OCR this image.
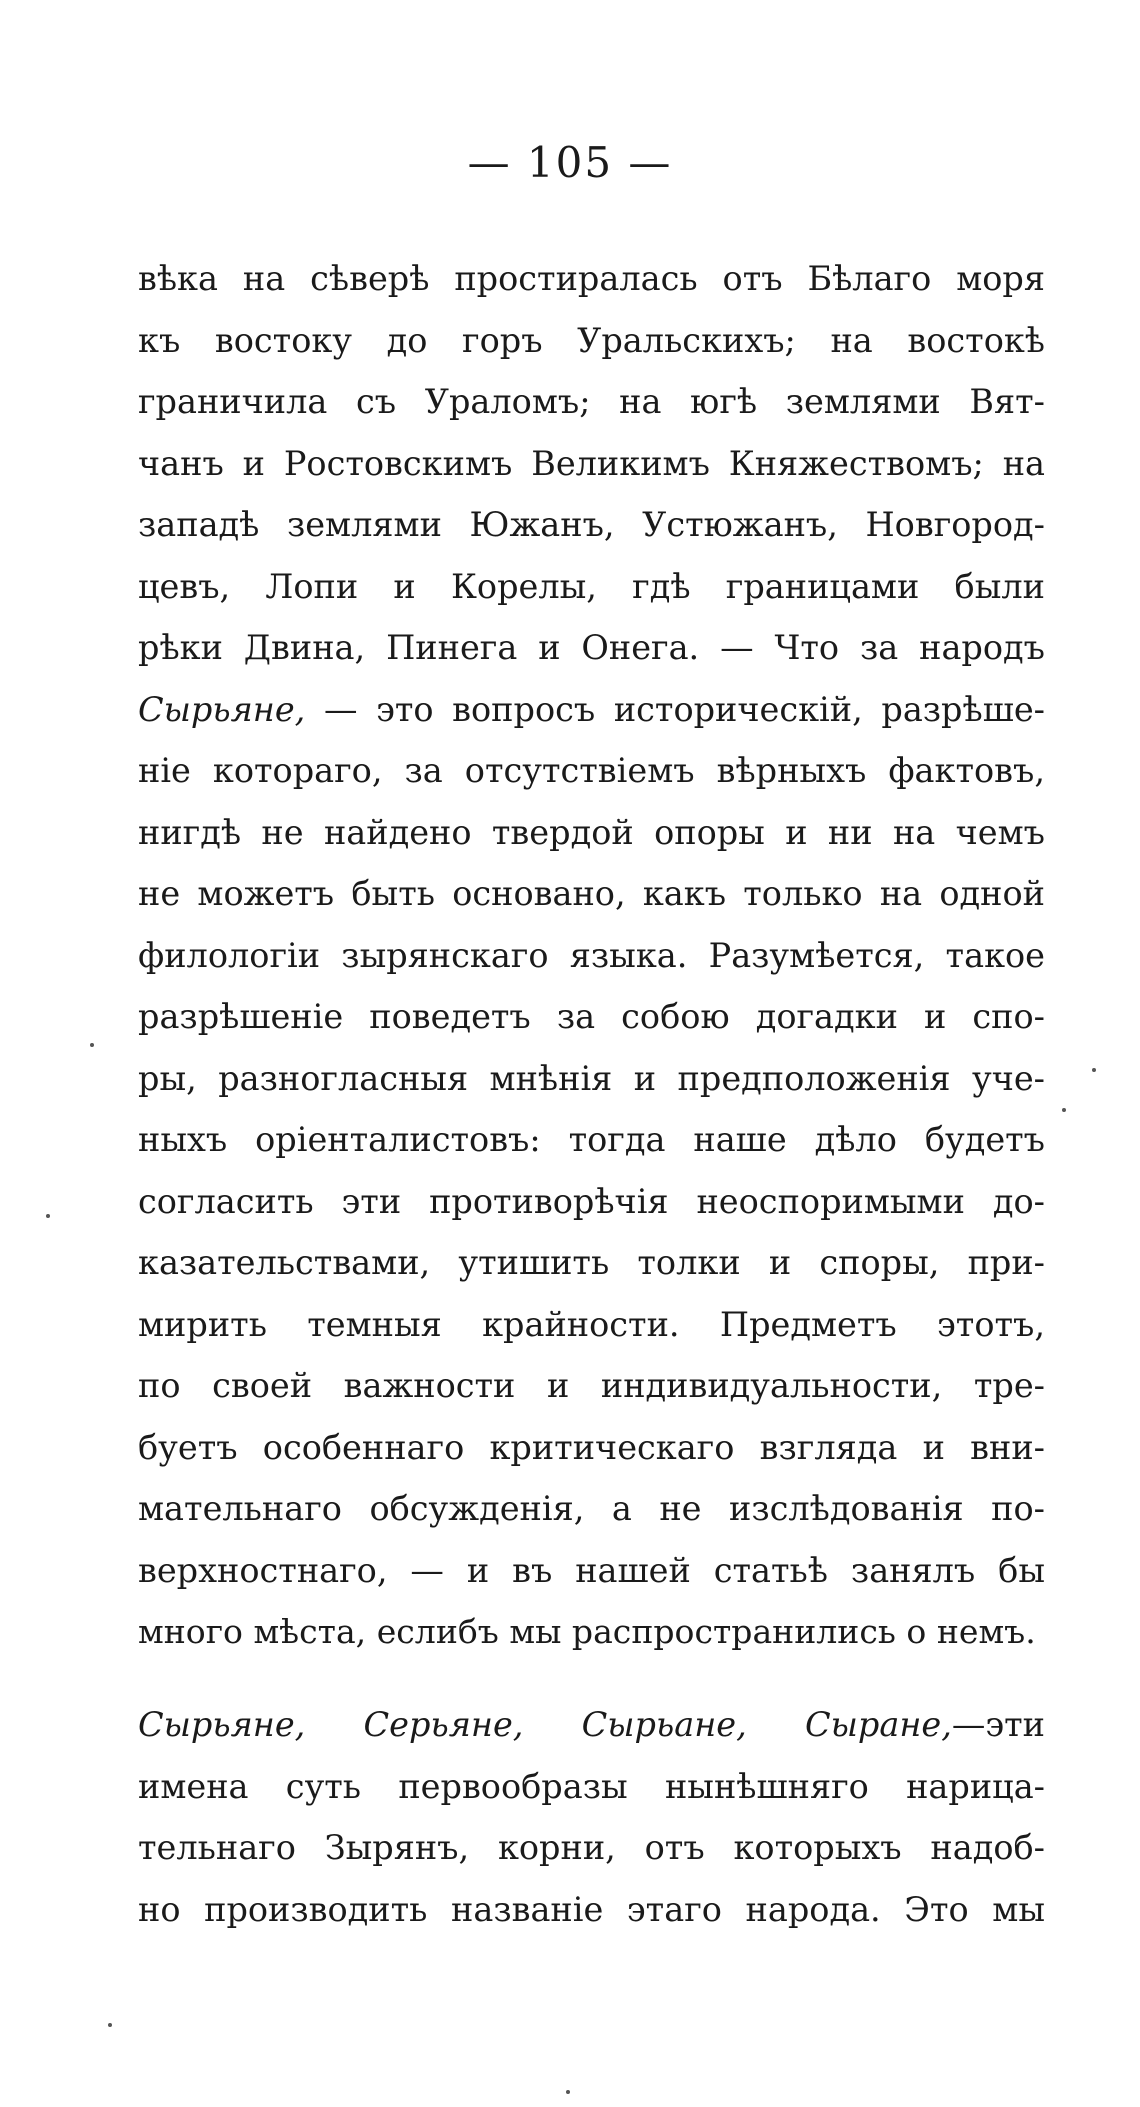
— 105 —
вѣка на сѣверѣ простиралась отъ Бѣлаго моря
къ востоку до горъ Уральскихъ; на востокѣ
граничила съ Ураломъ; на югѣ землями Вят-
чанъ и Ростовскимъ Великимъ Княжествомъ; на
западѣ землями Южанъ, Устюжанъ, Новгород-
цевъ, Лопи и Корелы, гдѣ границами были
рѣки Двина, Пинега и Онега. — Что за народъ
Сырьяне, — это вопросъ историческій, разрѣше-
ніе котораго, за отсутствіемъ вѣрныхъ фактовъ,
нигдѣ не найдено твердой опоры и ни на чемъ
не можетъ быть основано, какъ только на одной
филологіи зырянскаго языка. Разумѣется, такое
разрѣшеніе поведетъ за собою догадки и спо-
ры, разногласныя мнѣнія и предположенія уче-
ныхъ оріенталистовъ: тогда наше дѣло будетъ
согласить эти противорѣчія неоспоримыми до-
казательствами, утишить толки и споры, при-
мирить темныя крайности. Предметъ этотъ,
по своей важности и индивидуальности, тре-
буетъ особеннаго критическаго взгляда и вни-
мательнаго обсужденія, а не изслѣдованія по-
верхностнаго, — и въ нашей статьѣ занялъ бы
много мѣста, еслибъ мы распространились о немъ.
Сырьяне, Серьяне, Сырьане, Сыране,—эти
имена суть первообразы нынѣшняго нарица-
тельнаго Зырянъ, корни, отъ которыхъ надоб-
но производить названіе этаго народа. Это мы
